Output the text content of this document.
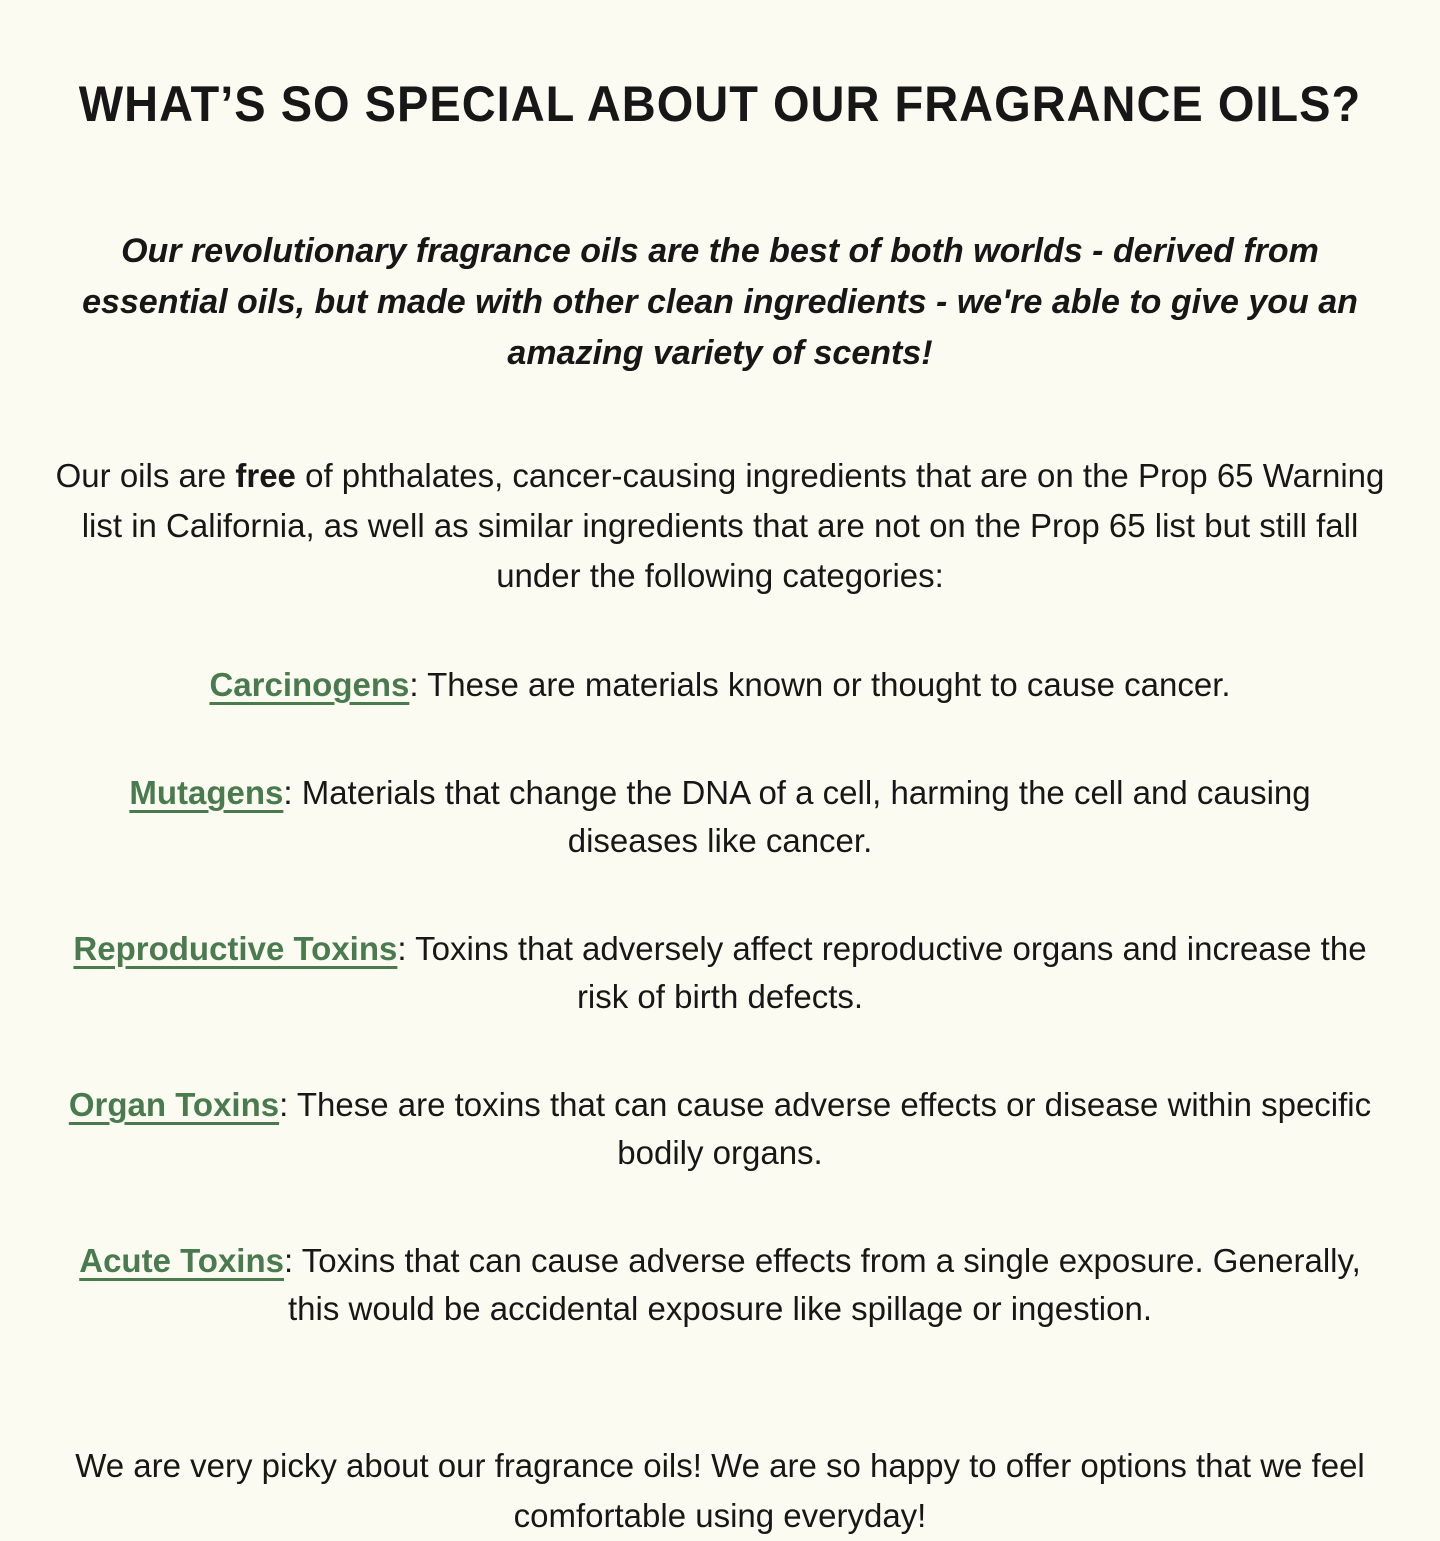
WHAT’S SO SPECIAL ABOUT OUR FRAGRANCE OILS?

Our revolutionary fragrance oils are the best of both worlds - derived from essential oils, but made with other clean ingredients - we're able to give you an amazing variety of scents!

Our oils are free of phthalates, cancer-causing ingredients that are on the Prop 65 Warning list in California, as well as similar ingredients that are not on the Prop 65 list but still fall under the following categories:

Carcinogens: These are materials known or thought to cause cancer.

Mutagens: Materials that change the DNA of a cell, harming the cell and causing diseases like cancer.

Reproductive Toxins: Toxins that adversely affect reproductive organs and increase the risk of birth defects.

Organ Toxins: These are toxins that can cause adverse effects or disease within specific bodily organs.

Acute Toxins: Toxins that can cause adverse effects from a single exposure. Generally, this would be accidental exposure like spillage or ingestion.

We are very picky about our fragrance oils! We are so happy to offer options that we feel comfortable using everyday!
